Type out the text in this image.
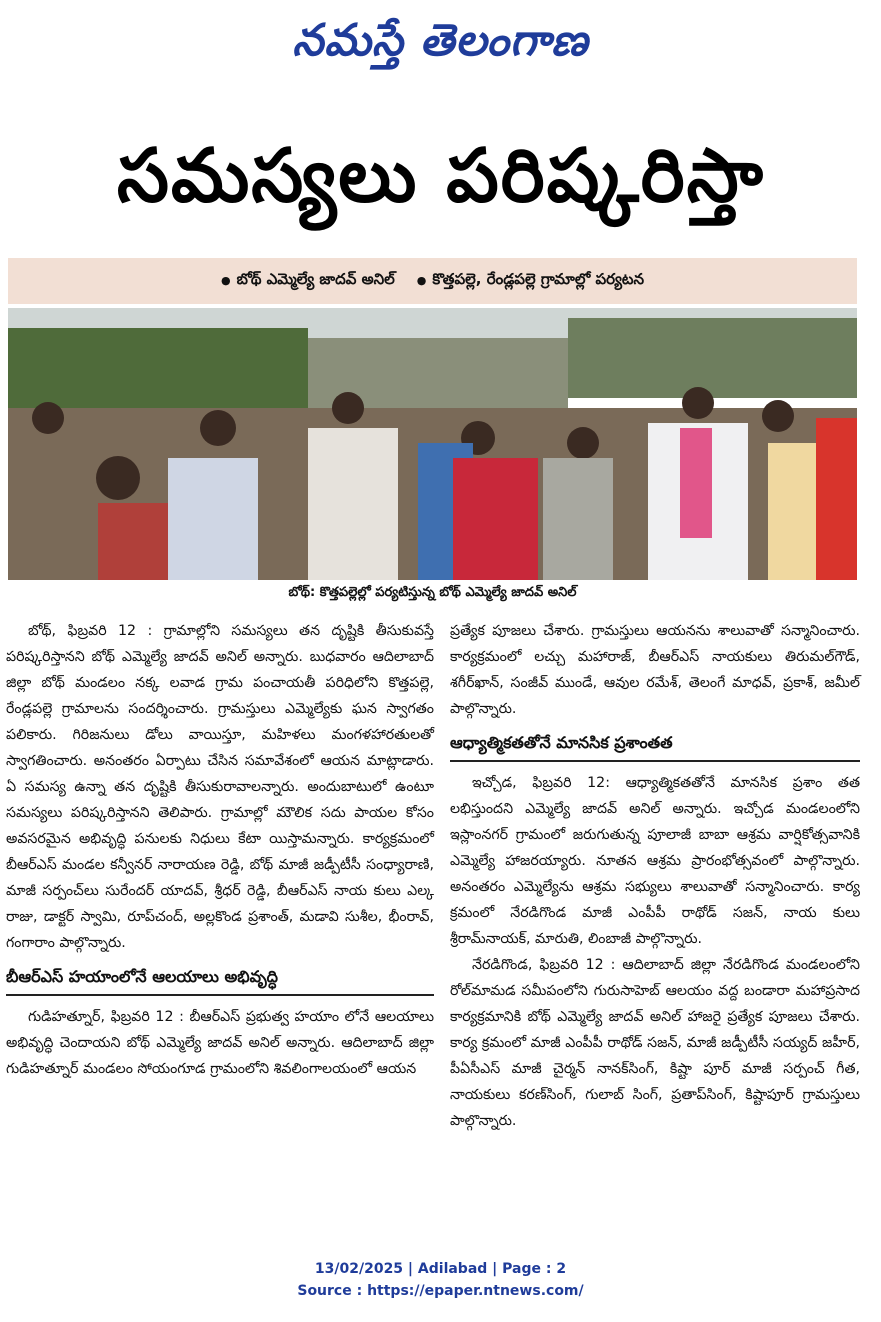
నమస్తే తెలంగాణ
సమస్యలు పరిష్కరిస్తా
● బోథ్ ఎమ్మెల్యే జాదవ్ అనిల్ ● కొత్తపల్లె, రేండ్లపల్లె గ్రామాల్లో పర్యటన
బోథ్: కొత్తపల్లెల్లో పర్యటిస్తున్న బోథ్ ఎమ్మెల్యే జాదవ్ అనిల్

బోథ్, ఫిబ్రవరి 12 : గ్రామాల్లోని సమస్యలు తన దృష్టికి తీసుకువస్తే పరిష్కరిస్తానని బోథ్ ఎమ్మెల్యే జాదవ్ అనిల్ అన్నారు. బుధవారం ఆదిలాబాద్ జిల్లా బోథ్ మండలం నక్క లవాడ గ్రామ పంచాయతీ పరిధిలోని కొత్తపల్లె, రేండ్లపల్లె గ్రామాలను సందర్శించారు. గ్రామస్తులు ఎమ్మెల్యేకు ఘన స్వాగతం పలికారు. గిరిజనులు డోలు వాయిస్తూ, మహిళలు మంగళహారతులతో స్వాగతించారు. అనంతరం ఏర్పాటు చేసిన సమావేశంలో ఆయన మాట్లాడారు. ఏ సమస్య ఉన్నా తన దృష్టికి తీసుకురావాలన్నారు. అందుబాటులో ఉంటూ సమస్యలు పరిష్కరిస్తానని తెలిపారు. గ్రామాల్లో మౌలిక సదు పాయల కోసం అవసరమైన అభివృద్ధి పనులకు నిధులు కేటా యిస్తామన్నారు. కార్యక్రమంలో బీఆర్ఎస్ మండల కన్వీనర్ నారాయణ రెడ్డి, బోథ్ మాజీ జడ్పీటీసీ సంధ్యారాణి, మాజీ సర్పంచ్‌లు సురేందర్ యాదవ్, శ్రీధర్ రెడ్డి, బీఆర్ఎస్ నాయ కులు ఎల్క రాజు, డాక్టర్ స్వామి, రూప్‌చంద్, అల్లకొండ ప్రశాంత్, మడావి సుశీల, భీంరావ్, గంగారాం పాల్గొన్నారు.

బీఆర్ఎస్ హయాంలోనే ఆలయాలు అభివృద్ధి

గుడిహత్నూర్, ఫిబ్రవరి 12 : బీఆర్ఎస్ ప్రభుత్వ హయాం లోనే ఆలయాలు అభివృద్ధి చెందాయని బోథ్ ఎమ్మెల్యే జాదవ్ అనిల్ అన్నారు. ఆదిలాబాద్ జిల్లా గుడిహత్నూర్ మండలం సోయంగూడ గ్రామంలోని శివలింగాలయంలో ఆయన

ప్రత్యేక పూజలు చేశారు. గ్రామస్తులు ఆయనను శాలువాతో సన్మానించారు. కార్యక్రమంలో లచ్చు మహారాజ్, బీఆర్ఎస్ నాయకులు తిరుమల్‌గౌడ్, శగీర్‌ఖాన్, సంజీవ్ ముండే, ఆవుల రమేశ్, తెలంగే మాధవ్, ప్రకాశ్, జమీల్ పాల్గొన్నారు.

ఆధ్యాత్మికతతోనే మానసిక ప్రశాంతత

ఇచ్చోడ, ఫిబ్రవరి 12: ఆధ్యాత్మికతతోనే మానసిక ప్రశాం తత లభిస్తుందని ఎమ్మెల్యే జాదవ్ అనిల్ అన్నారు. ఇచ్చోడ మండలంలోని ఇస్లాంనగర్ గ్రామంలో జరుగుతున్న పూలాజీ బాబా ఆశ్రమ వార్షికోత్సవానికి ఎమ్మెల్యే హాజరయ్యారు. నూతన ఆశ్రమ ప్రారంభోత్సవంలో పాల్గొన్నారు. అనంతరం ఎమ్మెల్యేను ఆశ్రమ సభ్యులు శాలువాతో సన్మానించారు. కార్య క్రమంలో నేరడిగొండ మాజీ ఎంపీపీ రాథోడ్ సజన్, నాయ కులు శ్రీరామ్‌నాయక్, మారుతి, లింబాజీ పాల్గొన్నారు.

నేరడిగొండ, ఫిబ్రవరి 12 : ఆదిలాబాద్ జిల్లా నేరడిగొండ మండలంలోని రోల్‌మామడ సమీపంలోని గురుసాహెబ్ ఆలయం వద్ద బండారా మహాప్రసాద కార్యక్రమానికి బోథ్ ఎమ్మెల్యే జాదవ్ అనిల్ హాజరై ప్రత్యేక పూజలు చేశారు. కార్య క్రమంలో మాజీ ఎంపీపీ రాథోడ్ సజన్, మాజీ జడ్పీటీసీ సయ్యద్ జహీర్, పీఏసీఎస్ మాజీ చైర్మన్ నానక్‌సింగ్, కిష్టా పూర్ మాజీ సర్పంచ్ గీత, నాయకులు కరణ్‌సింగ్, గులాబ్ సింగ్, ప్రతాప్‌సింగ్, కిష్టాపూర్ గ్రామస్తులు పాల్గొన్నారు.

13/02/2025 | Adilabad | Page : 2
Source : https://epaper.ntnews.com/
